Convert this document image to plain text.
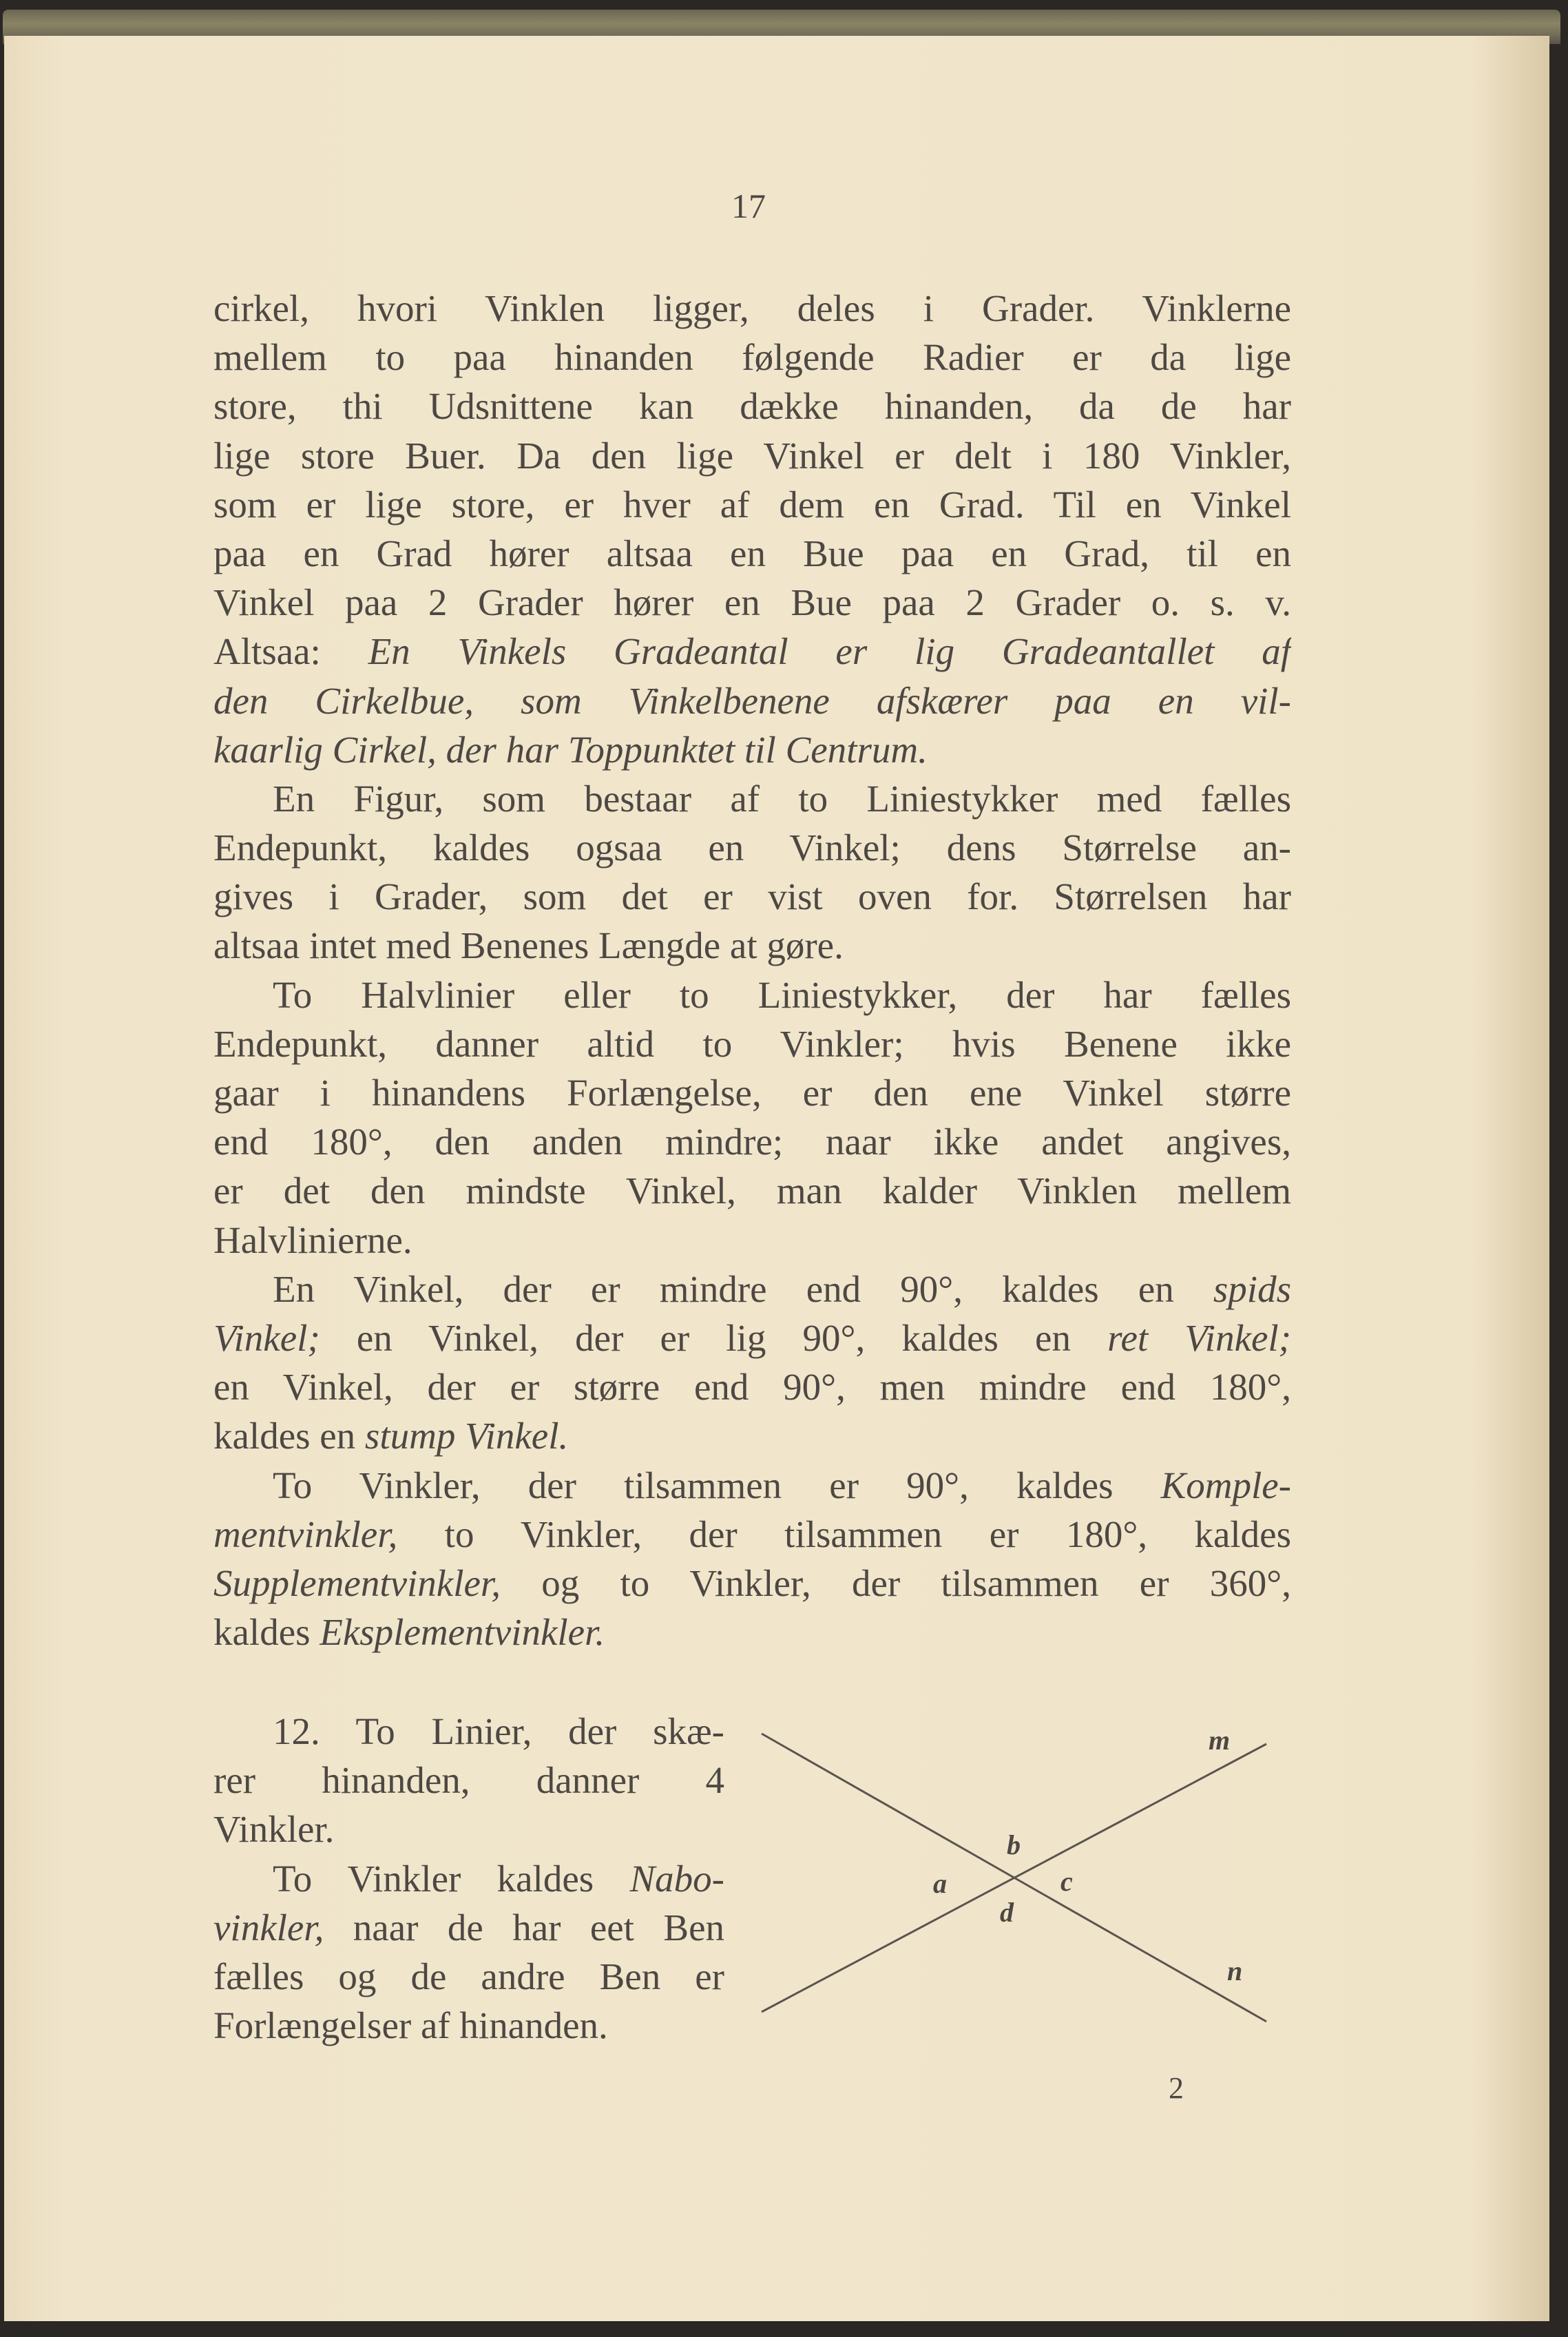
17
cirkel, hvori Vinklen ligger, deles i Grader. Vinklerne
mellem to paa hinanden følgende Radier er da lige
store, thi Udsnittene kan dække hinanden, da de har
lige store Buer. Da den lige Vinkel er delt i 180 Vinkler,
som er lige store, er hver af dem en Grad. Til en Vinkel
paa en Grad hører altsaa en Bue paa en Grad, til en
Vinkel paa 2 Grader hører en Bue paa 2 Grader o. s. v.
Altsaa: En Vinkels Gradeantal er lig Gradeantallet af
den Cirkelbue, som Vinkelbenene afskærer paa en vil-
kaarlig Cirkel, der har Toppunktet til Centrum.
En Figur, som bestaar af to Liniestykker med fælles
Endepunkt, kaldes ogsaa en Vinkel; dens Størrelse an-
gives i Grader, som det er vist oven for. Størrelsen har
altsaa intet med Benenes Længde at gøre.
To Halvlinier eller to Liniestykker, der har fælles
Endepunkt, danner altid to Vinkler; hvis Benene ikke
gaar i hinandens Forlængelse, er den ene Vinkel større
end 180°, den anden mindre; naar ikke andet angives,
er det den mindste Vinkel, man kalder Vinklen mellem
Halvlinierne.
En Vinkel, der er mindre end 90°, kaldes en spids
Vinkel; en Vinkel, der er lig 90°, kaldes en ret Vinkel;
en Vinkel, der er større end 90°, men mindre end 180°,
kaldes en stump Vinkel.
To Vinkler, der tilsammen er 90°, kaldes Komple-
mentvinkler, to Vinkler, der tilsammen er 180°, kaldes
Supplementvinkler, og to Vinkler, der tilsammen er 360°,
kaldes Eksplementvinkler.
12. To Linier, der skæ-
rer hinanden, danner 4
Vinkler.
To Vinkler kaldes Nabo-
vinkler, naar de har eet Ben
fælles og de andre Ben er
Forlængelser af hinanden.
m
n
a
b
c
d
2
